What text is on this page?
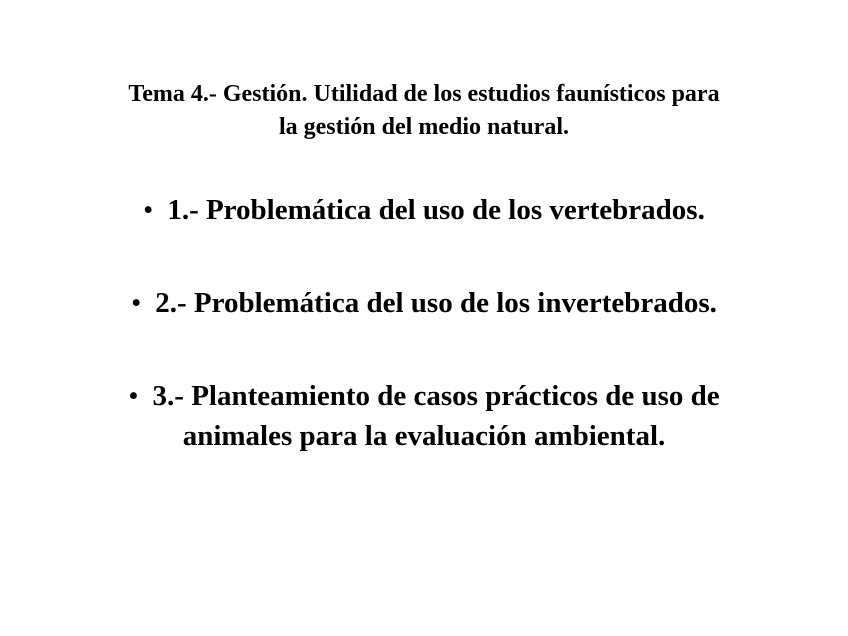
Tema 4.- Gestión. Utilidad de los estudios faunísticos para
la gestión del medio natural.
• 1.- Problemática del uso de los vertebrados.
• 2.- Problemática del uso de los invertebrados.
• 3.- Planteamiento de casos prácticos de uso de
animales para la evaluación ambiental.
